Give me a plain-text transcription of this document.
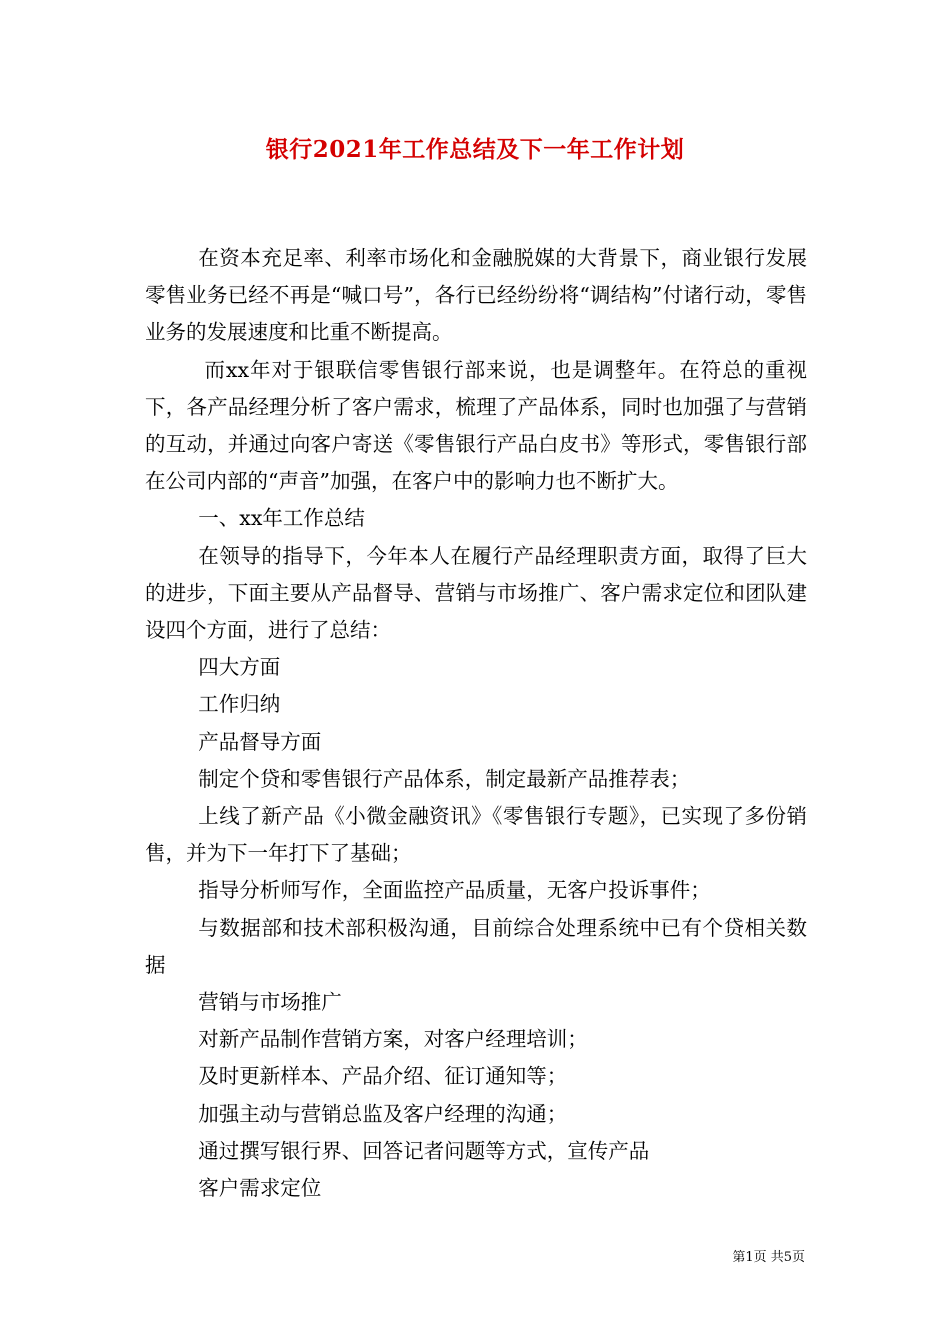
银行2021年工作总结及下一年工作计划

在资本充足率、利率市场化和金融脱媒的大背景下，商业银行发展零售业务已经不再是“喊口号”，各行已经纷纷将“调结构”付诸行动，零售业务的发展速度和比重不断提高。

而xx年对于银联信零售银行部来说，也是调整年。在符总的重视下，各产品经理分析了客户需求，梳理了产品体系，同时也加强了与营销的互动，并通过向客户寄送《零售银行产品白皮书》等形式，零售银行部在公司内部的“声音”加强，在客户中的影响力也不断扩大。

一、xx年工作总结

在领导的指导下，今年本人在履行产品经理职责方面，取得了巨大的进步，下面主要从产品督导、营销与市场推广、客户需求定位和团队建设四个方面，进行了总结：

四大方面

工作归纳

产品督导方面

制定个贷和零售银行产品体系，制定最新产品推荐表；

上线了新产品《小微金融资讯》《零售银行专题》，已实现了多份销售，并为下一年打下了基础；

指导分析师写作，全面监控产品质量，无客户投诉事件；

与数据部和技术部积极沟通，目前综合处理系统中已有个贷相关数据

营销与市场推广

对新产品制作营销方案，对客户经理培训；

及时更新样本、产品介绍、征订通知等；

加强主动与营销总监及客户经理的沟通；

通过撰写银行界、回答记者问题等方式，宣传产品

客户需求定位

第1页 共5页
